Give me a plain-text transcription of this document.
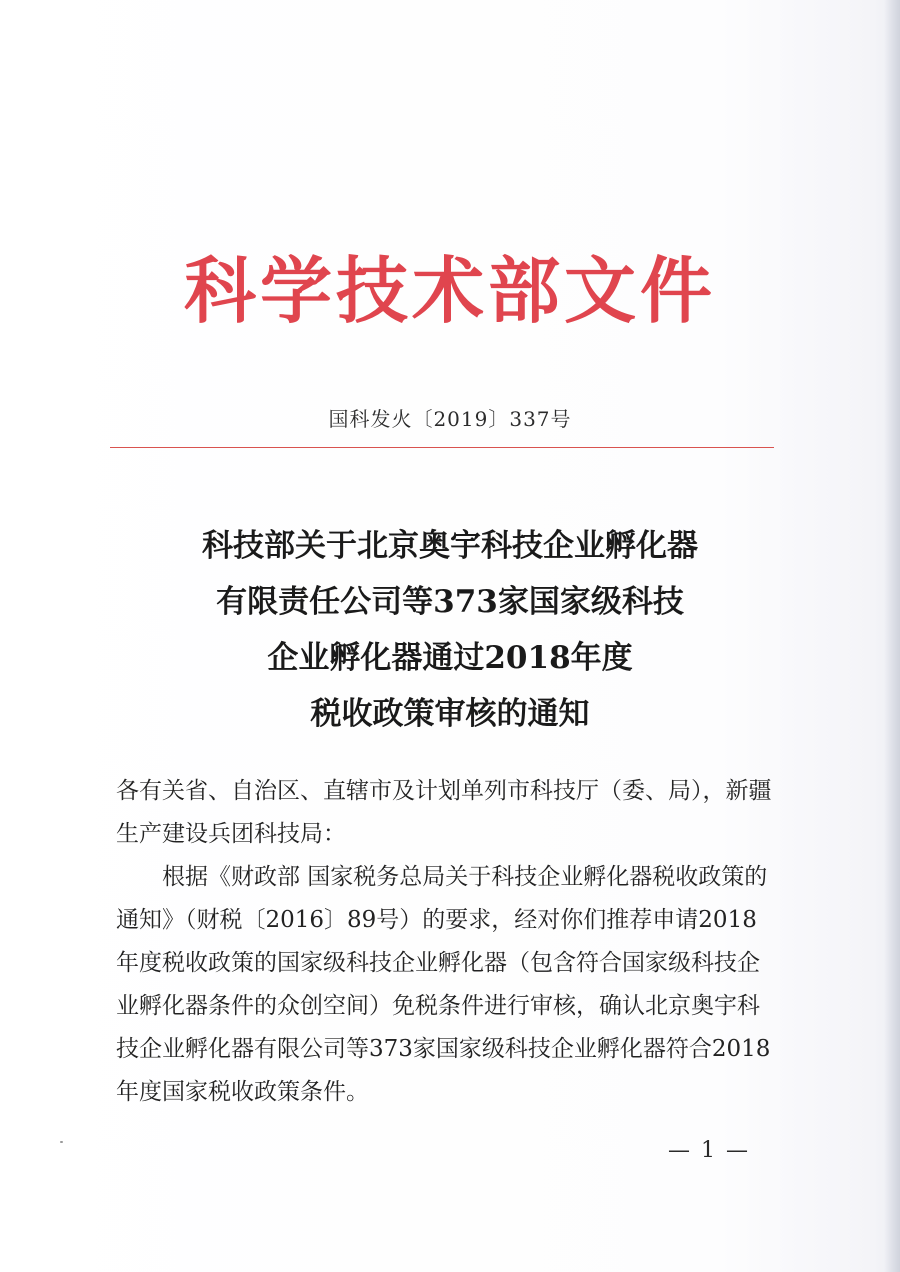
科学技术部文件
国科发火〔2019〕337号
科技部关于北京奥宇科技企业孵化器
有限责任公司等373家国家级科技
企业孵化器通过2018年度
税收政策审核的通知

各有关省、自治区、直辖市及计划单列市科技厅（委、局），新疆生产建设兵团科技局：

根据《财政部 国家税务总局关于科技企业孵化器税收政策的通知》（财税〔2016〕89号）的要求，经对你们推荐申请2018年度税收政策的国家级科技企业孵化器（包含符合国家级科技企业孵化器条件的众创空间）免税条件进行审核，确认北京奥宇科技企业孵化器有限公司等373家国家级科技企业孵化器符合2018年度国家税收政策条件。

— 1 —
